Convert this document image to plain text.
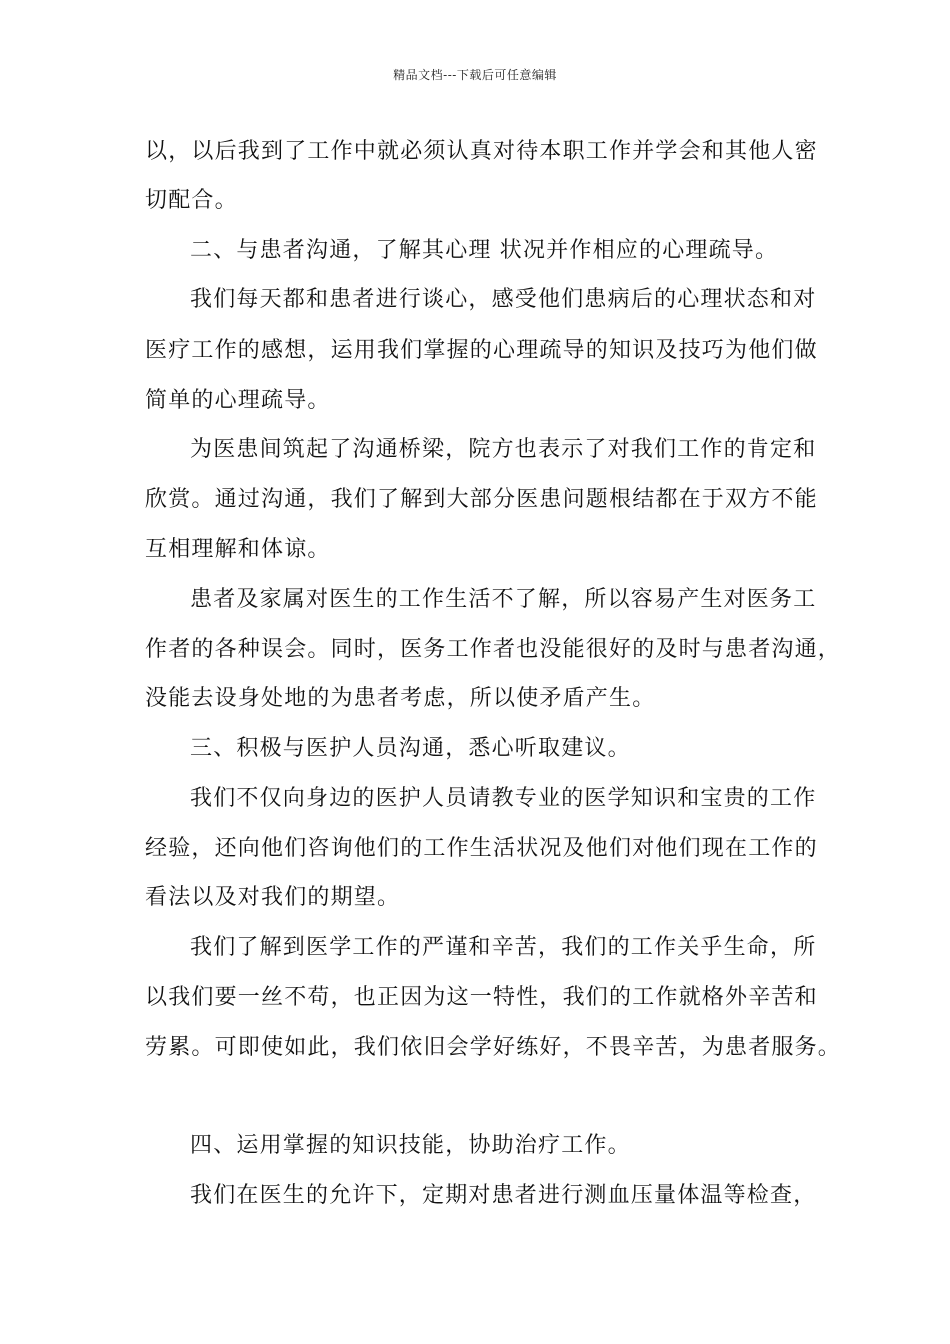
精品文档---下载后可任意编辑
以，以后我到了工作中就必须认真对待本职工作并学会和其他人密
切配合。
二、与患者沟通，了解其心理 状况并作相应的心理疏导。
我们每天都和患者进行谈心，感受他们患病后的心理状态和对
医疗工作的感想，运用我们掌握的心理疏导的知识及技巧为他们做
简单的心理疏导。
为医患间筑起了沟通桥梁，院方也表示了对我们工作的肯定和
欣赏。通过沟通，我们了解到大部分医患问题根结都在于双方不能
互相理解和体谅。
患者及家属对医生的工作生活不了解，所以容易产生对医务工
作者的各种误会。同时，医务工作者也没能很好的及时与患者沟通，
没能去设身处地的为患者考虑，所以使矛盾产生。
三、积极与医护人员沟通，悉心听取建议。
我们不仅向身边的医护人员请教专业的医学知识和宝贵的工作
经验，还向他们咨询他们的工作生活状况及他们对他们现在工作的
看法以及对我们的期望。
我们了解到医学工作的严谨和辛苦，我们的工作关乎生命，所
以我们要一丝不苟，也正因为这一特性，我们的工作就格外辛苦和
劳累。可即使如此，我们依旧会学好练好，不畏辛苦，为患者服务。
四、运用掌握的知识技能，协助治疗工作。
我们在医生的允许下，定期对患者进行测血压量体温等检查，
